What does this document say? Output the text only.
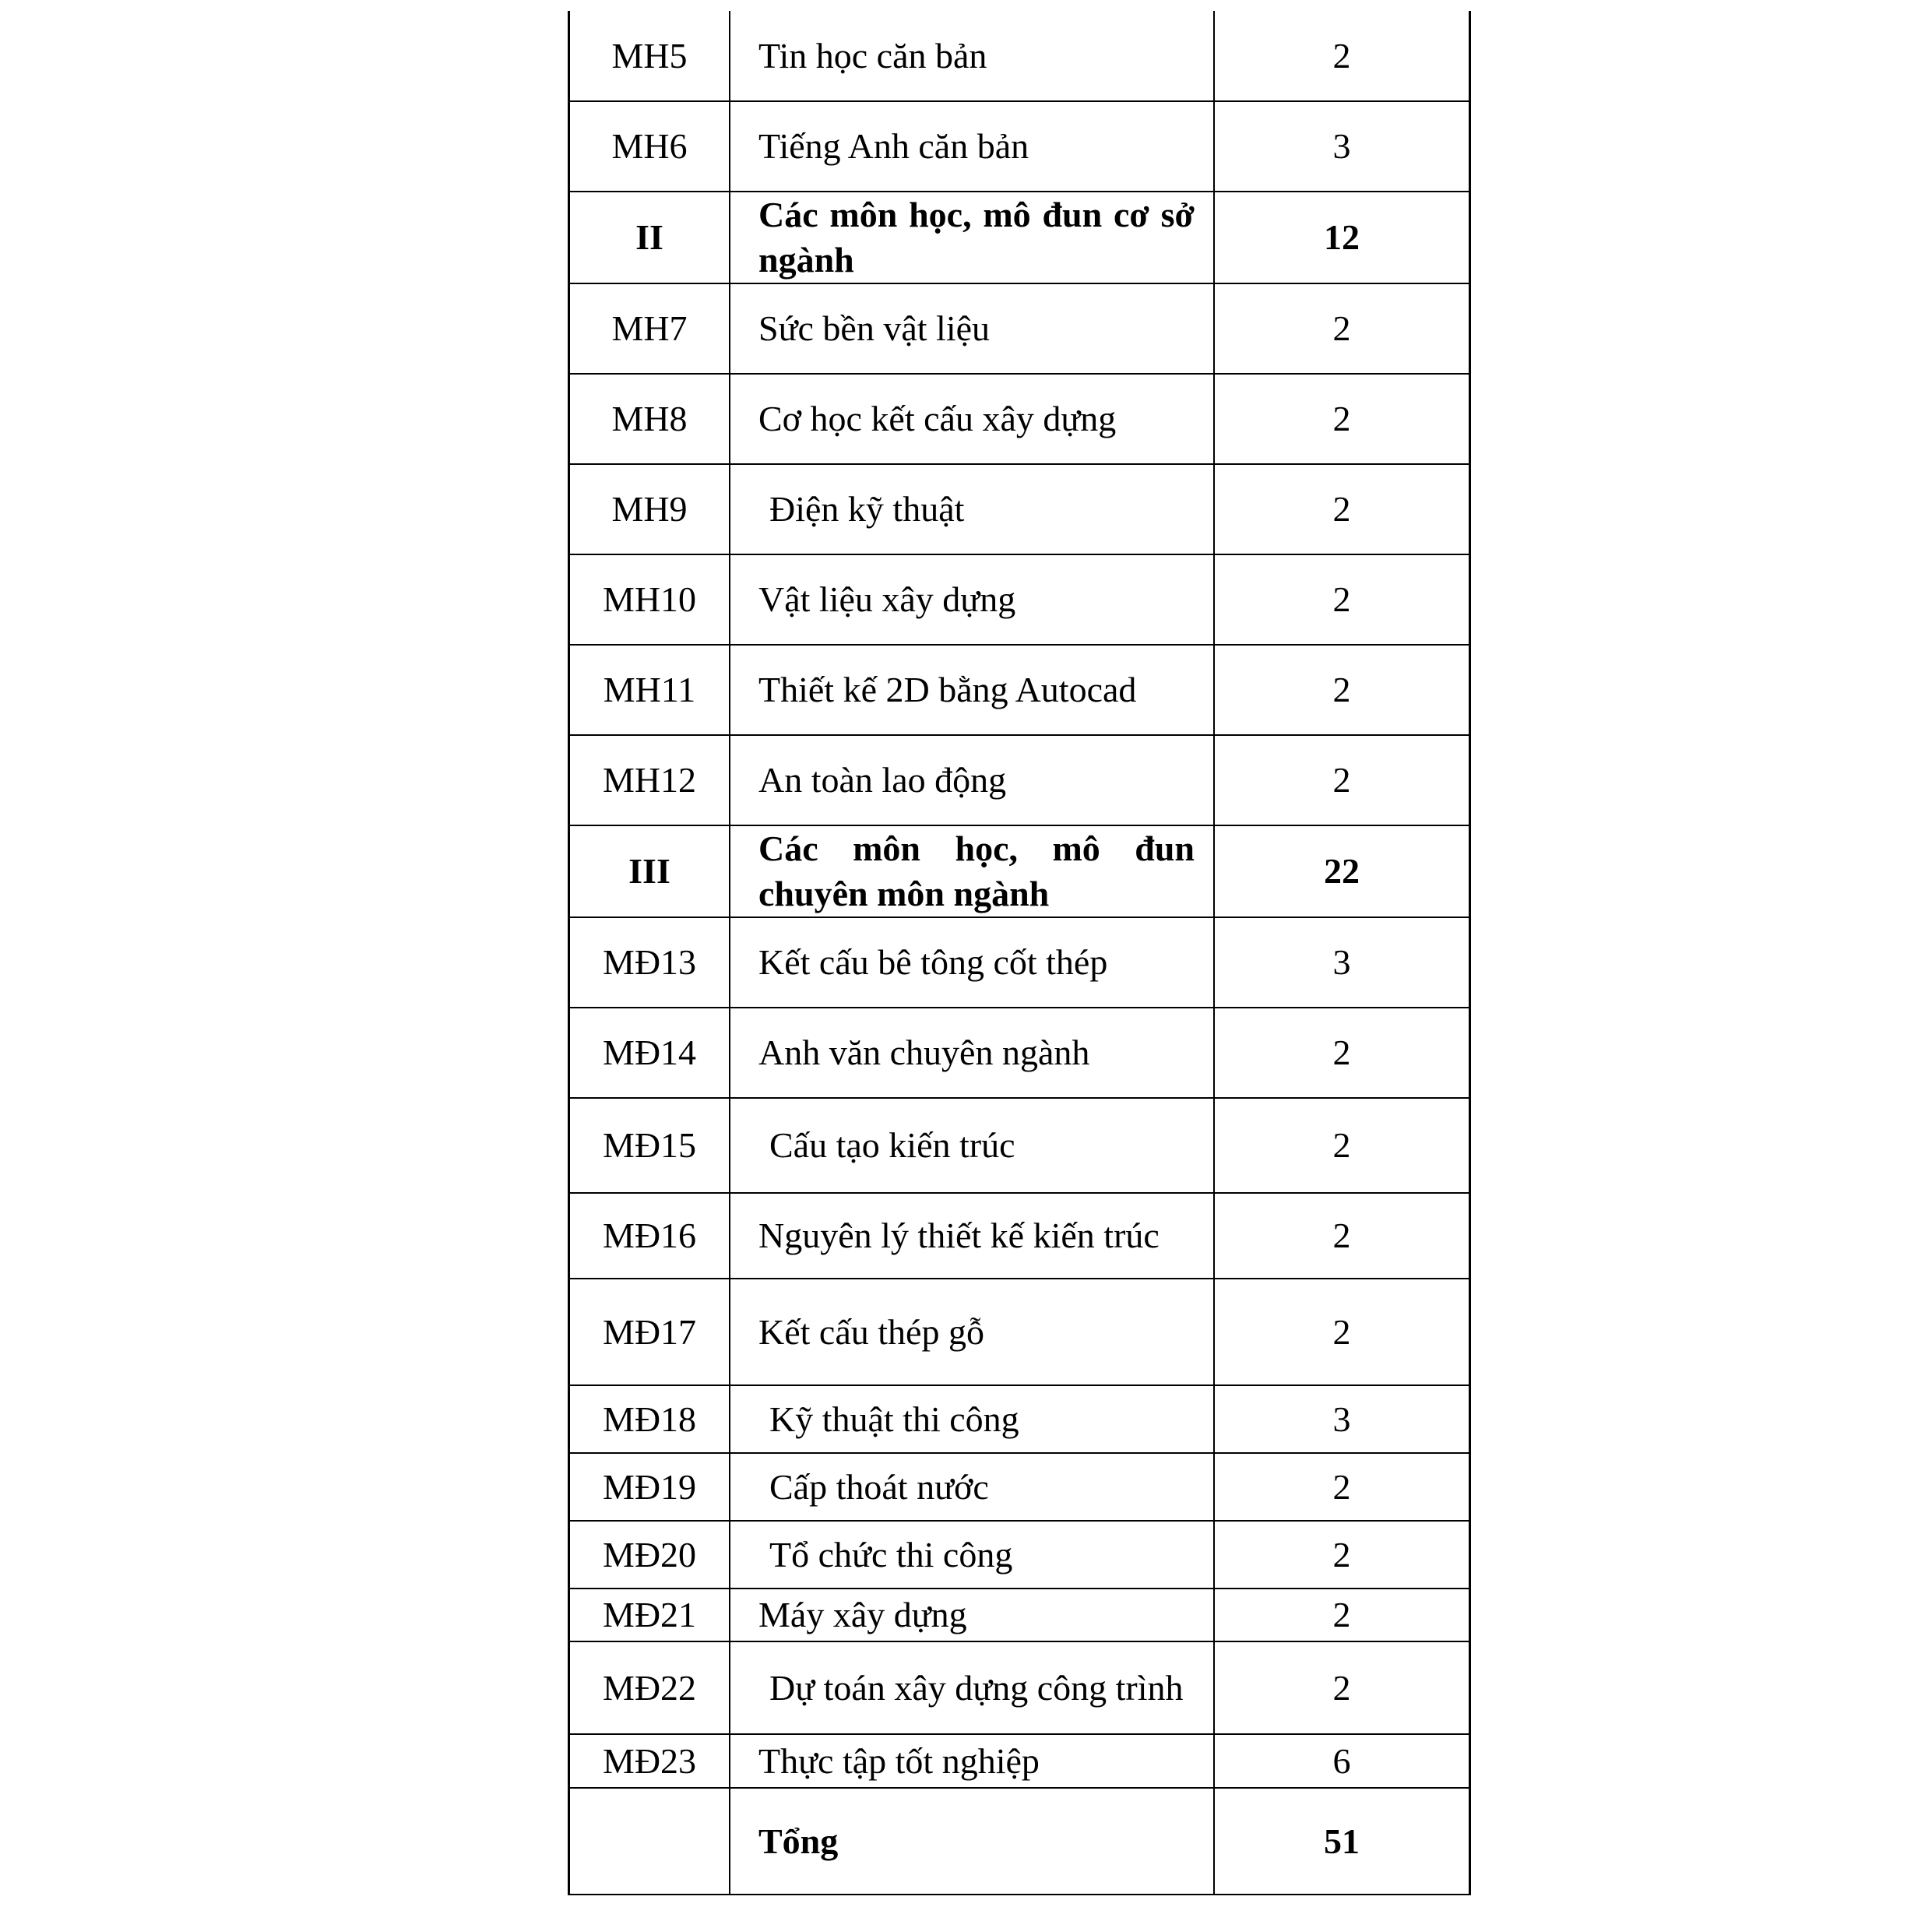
MH5	Tin học căn bản	2
MH6	Tiếng Anh căn bản	3
II	Các môn học, mô đun cơ sở ngành	12
MH7	Sức bền vật liệu	2
MH8	Cơ học kết cấu xây dựng	2
MH9	Điện kỹ thuật	2
MH10	Vật liệu xây dựng	2
MH11	Thiết kế 2D bằng Autocad	2
MH12	An toàn lao động	2
III	Các môn học, mô đun chuyên môn ngành	22
MĐ13	Kết cấu bê tông cốt thép	3
MĐ14	Anh văn chuyên ngành	2
MĐ15	Cấu tạo kiến trúc	2
MĐ16	Nguyên lý thiết kế kiến trúc	2
MĐ17	Kết cấu thép gỗ	2
MĐ18	Kỹ thuật thi công	3
MĐ19	Cấp thoát nước	2
MĐ20	Tổ chức thi công	2
MĐ21	Máy xây dựng	2
MĐ22	Dự toán xây dựng công trình	2
MĐ23	Thực tập tốt nghiệp	6
	Tổng	51
